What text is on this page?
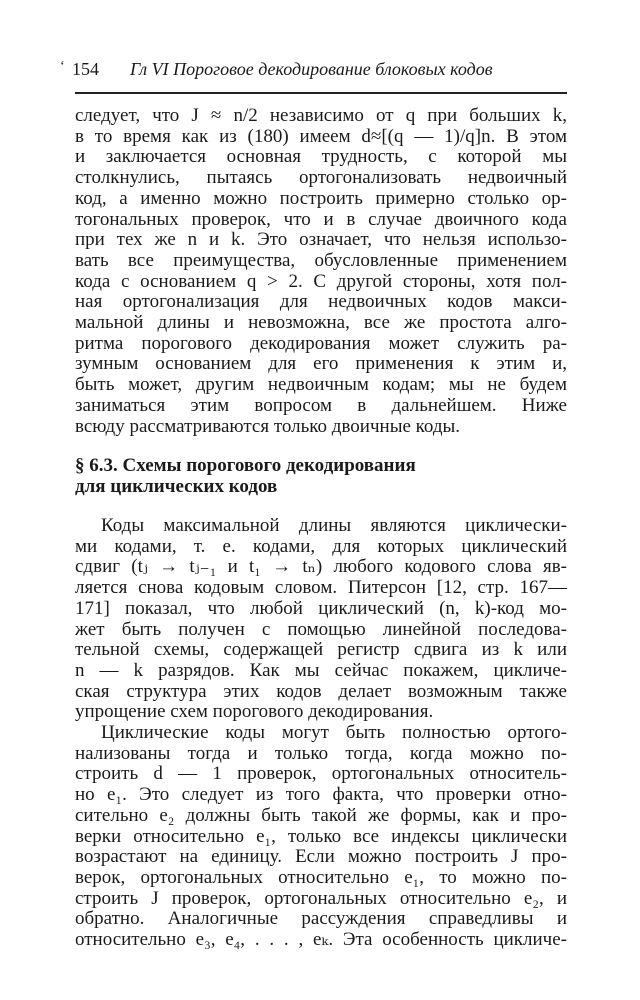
‘ 154 Гл VI Пороговое декодирование блоковых кодов
следует, что J ≈ n/2 независимо от q при больших k,
в то время как из (180) имеем d≈[(q — 1)/q]n. В этом
и заключается основная трудность, с которой мы
столкнулись, пытаясь ортогонализовать недвоичный
код, а именно можно построить примерно столько ор-
тогональных проверок, что и в случае двоичного кода
при тех же n и k. Это означает, что нельзя использо-
вать все преимущества, обусловленные применением
кода с основанием q > 2. С другой стороны, хотя пол-
ная ортогонализация для недвоичных кодов макси-
мальной длины и невозможна, все же простота алго-
ритма порогового декодирования может служить ра-
зумным основанием для его применения к этим и,
быть может, другим недвоичным кодам; мы не будем
заниматься этим вопросом в дальнейшем. Ниже
всюду рассматриваются только двоичные коды.
§ 6.3. Схемы порогового декодирования
для циклических кодов
Коды максимальной длины являются циклически-
ми кодами, т. е. кодами, для которых циклический
сдвиг (tⱼ → tⱼ₋₁ и t₁ → tₙ) любого кодового слова яв-
ляется снова кодовым словом. Питерсон [12, стр. 167—
171] показал, что любой циклический (n, k)-код мо-
жет быть получен с помощью линейной последова-
тельной схемы, содержащей регистр сдвига из k или
n — k разрядов. Как мы сейчас покажем, цикличе-
ская структура этих кодов делает возможным также
упрощение схем порогового декодирования.
Циклические коды могут быть полностью ортого-
нализованы тогда и только тогда, когда можно по-
строить d — 1 проверок, ортогональных относитель-
но e₁. Это следует из того факта, что проверки отно-
сительно e₂ должны быть такой же формы, как и про-
верки относительно e₁, только все индексы циклически
возрастают на единицу. Если можно построить J про-
верок, ортогональных относительно e₁, то можно по-
строить J проверок, ортогональных относительно e₂, и
обратно. Аналогичные рассуждения справедливы и
относительно e₃, e₄, . . . , eₖ. Эта особенность цикличе-
